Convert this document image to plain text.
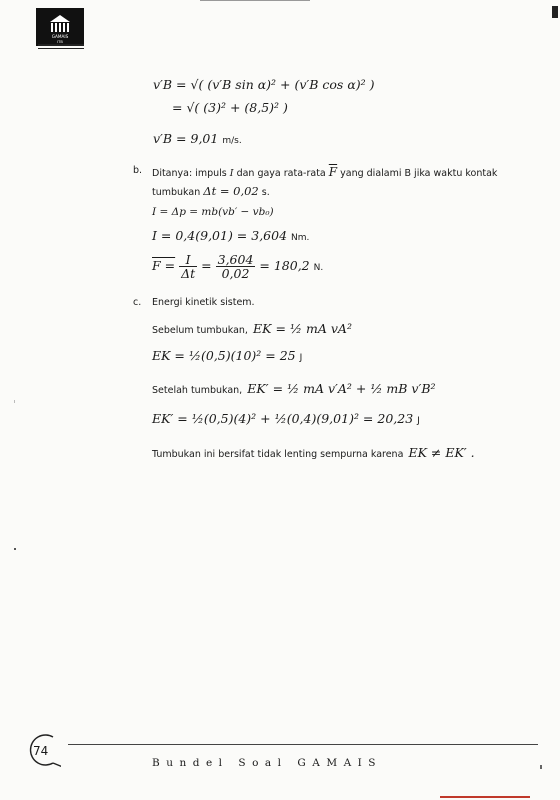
GAMAIS
ITB
v′B = √( (v′B sin α)² + (v′B cos α)² )
= √( (3)² + (8,5)² )
v′B = 9,01 m/s.
b. Ditanya: impuls I dan gaya rata-rata $\overline{F}$ yang dialami B jika waktu kontak
tumbukan Δt = 0,02 s.
I = Δp = mb(vb′ − vb₀)
I = 0,4(9,01) = 3,604 Nm.
$F = \frac{I}{\Delta t} = \frac{3,604}{0,02} = 180,2$ N.
c. Energi kinetik sistem.
Sebelum tumbukan, EK = ½ mA vA²
EK = ½(0,5)(10)² = 25 J
Setelah tumbukan, EK′ = ½ mA v′A² + ½ mB v′B²
EK′ = ½(0,5)(4)² + ½(0,4)(9,01)² = 20,23 J
Tumbukan ini bersifat tidak lenting sempurna karena EK ≠ EK′ .
74
Bundel Soal GAMAIS
